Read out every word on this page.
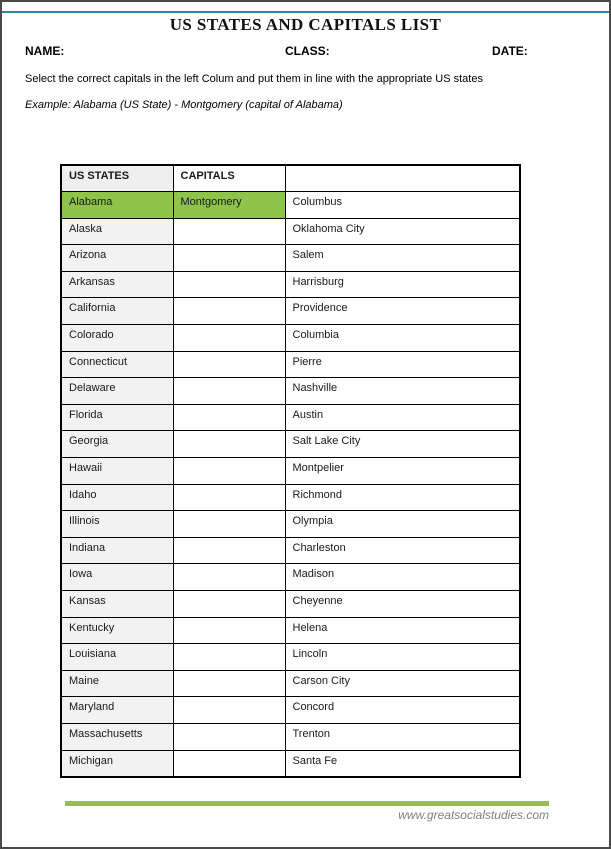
US STATES AND CAPITALS LIST
NAME:	CLASS:	DATE:

Select the correct capitals in the left Colum and put them in line with the appropriate US states

Example: Alabama (US State) - Montgomery (capital of Alabama)

US STATES	CAPITALS	
Alabama	Montgomery	Columbus
Alaska		Oklahoma City
Arizona		Salem
Arkansas		Harrisburg
California		Providence
Colorado		Columbia
Connecticut		Pierre
Delaware		Nashville
Florida		Austin
Georgia		Salt Lake City
Hawaii		Montpelier
Idaho		Richmond
Illinois		Olympia
Indiana		Charleston
Iowa		Madison
Kansas		Cheyenne
Kentucky		Helena
Louisiana		Lincoln
Maine		Carson City
Maryland		Concord
Massachusetts		Trenton
Michigan		Santa Fe
www.greatsocialstudies.com
